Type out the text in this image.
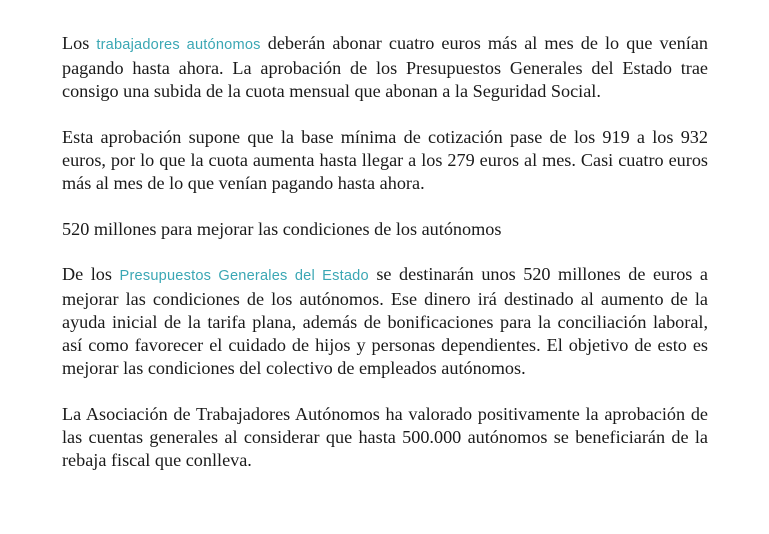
Los trabajadores autónomos deberán abonar cuatro euros más al mes de lo que venían pagando hasta ahora. La aprobación de los Presupuestos Generales del Estado trae consigo una subida de la cuota mensual que abonan a la Seguridad Social.

Esta aprobación supone que la base mínima de cotización pase de los 919 a los 932 euros, por lo que la cuota aumenta hasta llegar a los 279 euros al mes. Casi cuatro euros más al mes de lo que venían pagando hasta ahora.

520 millones para mejorar las condiciones de los autónomos

De los Presupuestos Generales del Estado se destinarán unos 520 millones de euros a mejorar las condiciones de los autónomos. Ese dinero irá destinado al aumento de la ayuda inicial de la tarifa plana, además de bonificaciones para la conciliación laboral, así como favorecer el cuidado de hijos y personas dependientes. El objetivo de esto es mejorar las condiciones del colectivo de empleados autónomos.

La Asociación de Trabajadores Autónomos ha valorado positivamente la aprobación de las cuentas generales al considerar que hasta 500.000 autónomos se beneficiarán de la rebaja fiscal que conlleva.
